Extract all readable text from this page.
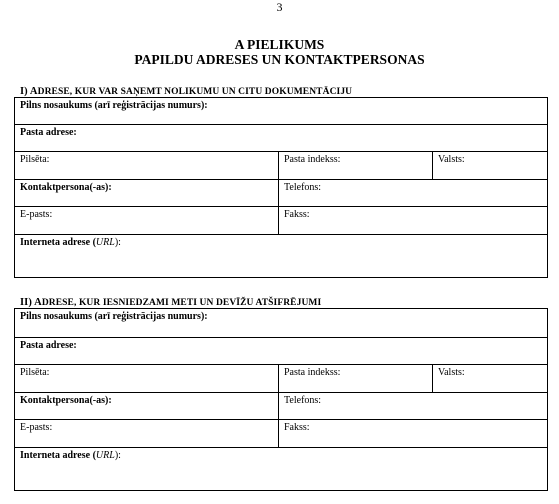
3
A PIELIKUMS
PAPILDU ADRESES UN KONTAKTPERSONAS
I) ADRESE, KUR VAR SAŅEMT NOLIKUMU UN CITU DOKUMENTĀCIJU
Pilns nosaukums (arī reģistrācijas numurs):		
Pasta adrese:		
Pilsēta:	Pasta indekss:	Valsts:
Kontaktpersona(-as):	Telefons:	
E-pasts:	Fakss:	
Interneta adrese (URL):		
II) ADRESE, KUR IESNIEDZAMI METI UN DEVĪŽU ATŠIFRĒJUMI
Pilns nosaukums (arī reģistrācijas numurs):		
Pasta adrese:		
Pilsēta:	Pasta indekss:	Valsts:
Kontaktpersona(-as):	Telefons:	
E-pasts:	Fakss:	
Interneta adrese (URL):		
